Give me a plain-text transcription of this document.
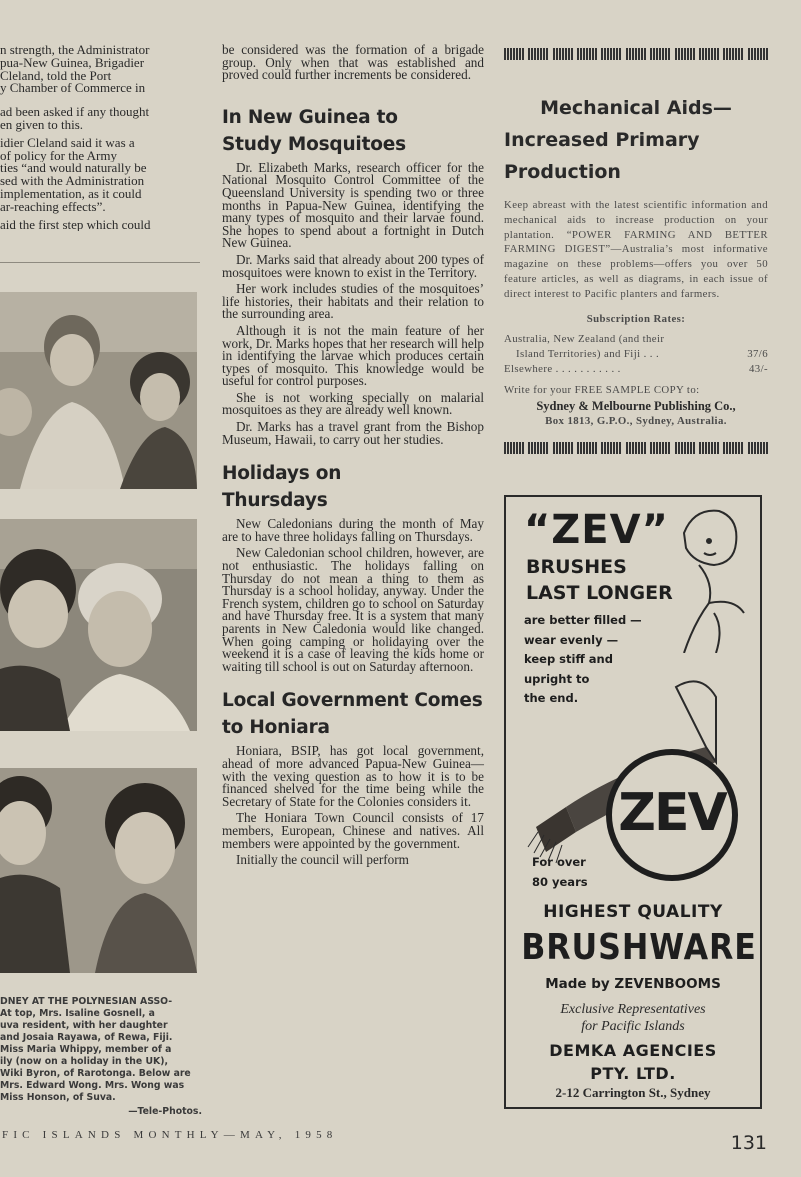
n strength, the Administrator

pua-New Guinea, Brigadier

Cleland, told the Port

y Chamber of Commerce in

ad been asked if any thought

en given to this.

idier Cleland said it was a

of policy for the Army

ties “and would naturally be

sed with the Administration

implementation, as it could

ar-reaching effects”.

aid the first step which could

DNEY AT THE POLYNESIAN ASSO-
At top, Mrs. Isaline Gosnell, a
uva resident, with her daughter
and Josaia Rayawa, of Rewa, Fiji.
Miss Maria Whippy, member of a
ily (now on a holiday in the UK),
Wiki Byron, of Rarotonga. Below are
Mrs. Edward Wong. Mrs. Wong was
Miss Honson, of Suva.
—Tele-Photos.

be considered was the formation of a brigade group. Only when that was established and proved could further increments be considered.

In New Guinea to
Study Mosquitoes

Dr. Elizabeth Marks, research officer for the National Mosquito Control Committee of the Queensland University is spending two or three months in Papua-New Guinea, identifying the many types of mosquito and their larvae found. She hopes to spend about a fortnight in Dutch New Guinea.

Dr. Marks said that already about 200 types of mosquitoes were known to exist in the Territory.

Her work includes studies of the mosquitoes’ life histories, their habitats and their relation to the surrounding area.

Although it is not the main feature of her work, Dr. Marks hopes that her research will help in identifying the larvae which produces certain types of mosquito. This knowledge would be useful for control purposes.

She is not working specially on malarial mosquitoes as they are already well known.

Dr. Marks has a travel grant from the Bishop Museum, Hawaii, to carry out her studies.

Holidays on
Thursdays

New Caledonians during the month of May are to have three holidays falling on Thursdays.

New Caledonian school children, however, are not enthusiastic. The holidays falling on Thursday do not mean a thing to them as Thursday is a school holiday, anyway. Under the French system, children go to school on Saturday and have Thursday free. It is a system that many parents in New Caledonia would like changed. When going camping or holidaying over the weekend it is a case of leaving the kids home or waiting till school is out on Saturday afternoon.

Local Government Comes
to Honiara

Honiara, BSIP, has got local government, ahead of more advanced Papua-New Guinea—with the vexing question as to how it is to be financed shelved for the time being while the Secretary of State for the Colonies considers it.

The Honiara Town Council consists of 17 members, European, Chinese and natives. All members were appointed by the government.

Initially the council will perform

Mechanical Aids—
Increased Primary Production

Keep abreast with the latest scientific information and mechanical aids to increase production on your plantation. “POWER FARMING AND BETTER FARMING DIGEST”—Australia’s most informative magazine on these problems—offers you over 50 feature articles, as well as diagrams, in each issue of direct interest to Pacific planters and farmers.

Subscription Rates:

Australia, New Zealand (and their
Island Territories) and Fiji . . .	37/6
Elsewhere . . . . . . . . . . .	43/-

Write for your FREE SAMPLE COPY to:

Sydney & Melbourne Publishing Co.,

Box 1813, G.P.O., Sydney, Australia.

“ZEV”
BRUSHES
LAST LONGER
are better filled —
wear evenly —
keep stiff and
upright to
the end.
ZEV
For over
80 years
HIGHEST QUALITY
BRUSHWARE
Made by ZEVENBOOMS
Exclusive Representatives
for Pacific Islands
DEMKA AGENCIES
PTY. LTD.
2-12 Carrington St., Sydney
FIC ISLANDS MONTHLY—MAY, 1958	131
